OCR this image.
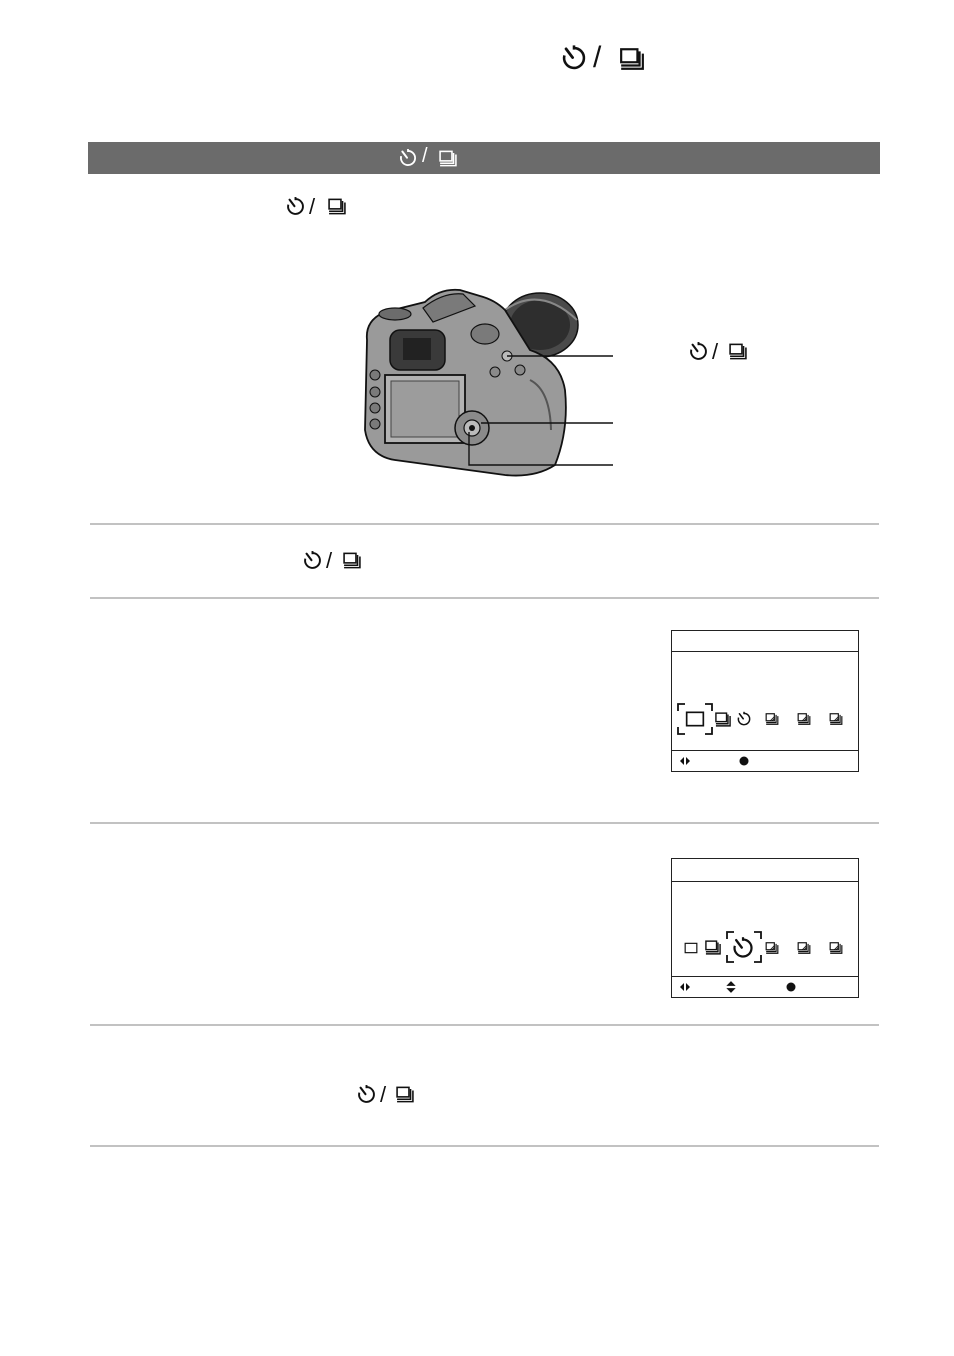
/
/
/
/
/
/
